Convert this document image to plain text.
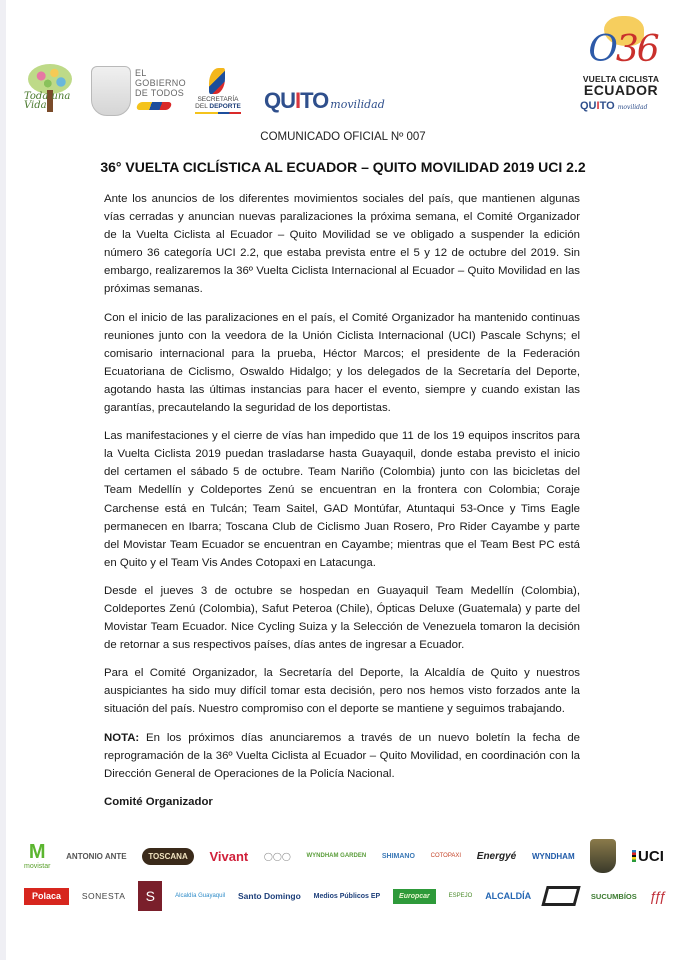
Toda una Vida
EL
GOBIERNO
DE TODOS
SECRETARÍA
DEL DEPORTE QUITO movilidad
O36
VUELTA CICLISTA
ECUADOR
QUITO movilidad
COMUNICADO OFICIAL Nº 007
36° VUELTA CICLÍSTICA AL ECUADOR – QUITO MOVILIDAD 2019 UCI 2.2

Ante los anuncios de los diferentes movimientos sociales del país, que mantienen algunas vías cerradas y anuncian nuevas paralizaciones la próxima semana, el Comité Organizador de la Vuelta Ciclista al Ecuador – Quito Movilidad se ve obligado a suspender la edición número 36 categoría UCI 2.2, que estaba prevista entre el 5 y 12 de octubre del 2019. Sin embargo, realizaremos la 36º Vuelta Ciclista Internacional al Ecuador – Quito Movilidad en las próximas semanas.

Con el inicio de las paralizaciones en el país, el Comité Organizador ha mantenido continuas reuniones junto con la veedora de la Unión Ciclista Internacional (UCI) Pascale Schyns; el comisario internacional para la prueba, Héctor Marcos; el presidente de la Federación Ecuatoriana de Ciclismo, Oswaldo Hidalgo; y los delegados de la Secretaría del Deporte, agotando hasta las últimas instancias para hacer el evento, siempre y cuando existan las garantías, precautelando la seguridad de los deportistas.

Las manifestaciones y el cierre de vías han impedido que 11 de los 19 equipos inscritos para la Vuelta Ciclista 2019 puedan trasladarse hasta Guayaquil, donde estaba previsto el inicio del certamen el sábado 5 de octubre. Team Nariño (Colombia) junto con las bicicletas del Team Medellín y Coldeportes Zenú se encuentran en la frontera con Colombia; Coraje Carchense está en Tulcán; Team Saitel, GAD Montúfar, Atuntaqui 53-Once y Tims Eagle permanecen en Ibarra; Toscana Club de Ciclismo Juan Rosero, Pro Rider Cayambe y parte del Movistar Team Ecuador se encuentran en Cayambe; mientras que el Team Best PC está en Quito y el Team Vis Andes Cotopaxi en Latacunga.

Desde el jueves 3 de octubre se hospedan en Guayaquil Team Medellín (Colombia), Coldeportes Zenú (Colombia), Safut Peteroa (Chile), Ópticas Deluxe (Guatemala) y parte del Movistar Team Ecuador. Nice Cycling Suiza y la Selección de Venezuela tomaron la decisión de retornar a sus respectivos países, días antes de ingresar a Ecuador.

Para el Comité Organizador, la Secretaría del Deporte, la Alcaldía de Quito y nuestros auspiciantes ha sido muy difícil tomar esta decisión, pero nos hemos visto forzados ante la situación del país. Nuestro compromiso con el deporte se mantiene y seguimos trabajando.

NOTA: En los próximos días anunciaremos a través de un nuevo boletín la fecha de reprogramación de la 36º Vuelta Ciclista al Ecuador – Quito Movilidad, en coordinación con la Dirección General de Operaciones de la Policía Nacional.

Comité Organizador

M
movistar
ANTONIO ANTE	TOSCANA	Vivant ◯◯◯	WYNDHAM GARDEN SHIMANO	COTOPAXI Energyé WYNDHAM	UCI
Polaca	SONESTA	S	Alcaldía Guayaquil Santo Domingo Medios Públicos EP	Europcar	ESPEJO ALCALDÍA	SUCUMBÍOS ƒƒƒ
